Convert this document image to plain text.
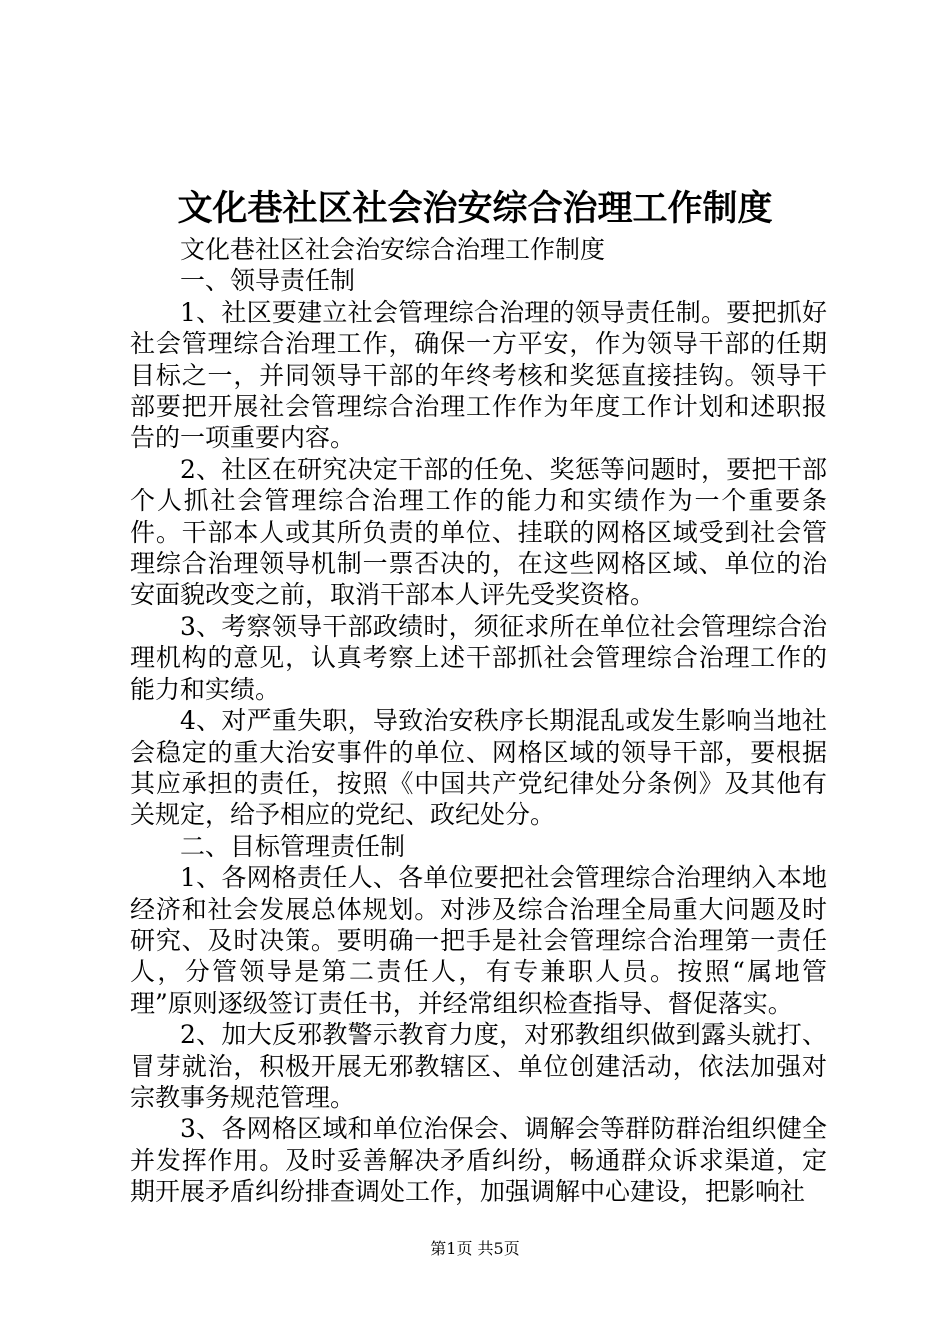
文化巷社区社会治安综合治理工作制度

文化巷社区社会治安综合治理工作制度

一、领导责任制

1、社区要建立社会管理综合治理的领导责任制。要把抓好社会管理综合治理工作，确保一方平安，作为领导干部的任期目标之一，并同领导干部的年终考核和奖惩直接挂钩。领导干部要把开展社会管理综合治理工作作为年度工作计划和述职报告的一项重要内容。

2、社区在研究决定干部的任免、奖惩等问题时，要把干部个人抓社会管理综合治理工作的能力和实绩作为一个重要条件。干部本人或其所负责的单位、挂联的网格区域受到社会管理综合治理领导机制一票否决的，在这些网格区域、单位的治安面貌改变之前，取消干部本人评先受奖资格。

3、考察领导干部政绩时，须征求所在单位社会管理综合治理机构的意见，认真考察上述干部抓社会管理综合治理工作的能力和实绩。

4、对严重失职，导致治安秩序长期混乱或发生影响当地社会稳定的重大治安事件的单位、网格区域的领导干部，要根据其应承担的责任，按照《中国共产党纪律处分条例》及其他有关规定，给予相应的党纪、政纪处分。

二、目标管理责任制

1、各网格责任人、各单位要把社会管理综合治理纳入本地经济和社会发展总体规划。对涉及综合治理全局重大问题及时研究、及时决策。要明确一把手是社会管理综合治理第一责任人，分管领导是第二责任人，有专兼职人员。按照“属地管理”原则逐级签订责任书，并经常组织检查指导、督促落实。

2、加大反邪教警示教育力度，对邪教组织做到露头就打、冒芽就治，积极开展无邪教辖区、单位创建活动，依法加强对宗教事务规范管理。

3、各网格区域和单位治保会、调解会等群防群治组织健全并发挥作用。及时妥善解决矛盾纠纷，畅通群众诉求渠道，定期开展矛盾纠纷排查调处工作，加强调解中心建设，把影响社

第1页 共5页
